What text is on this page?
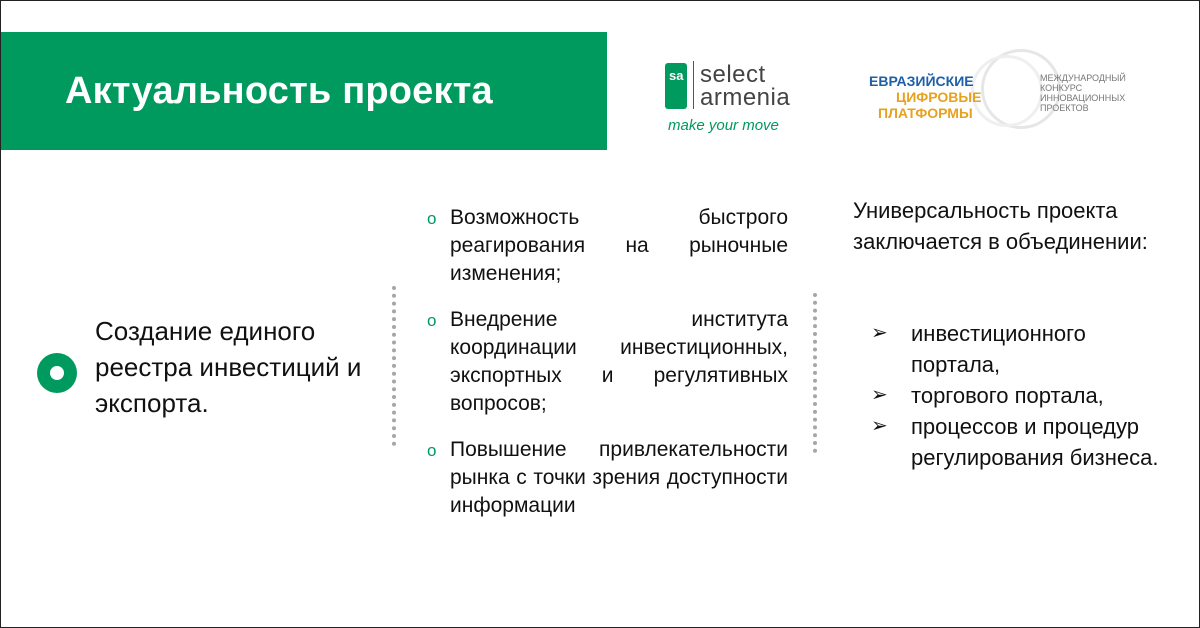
Актуальность проекта	sa select
armenia
make your move
ЕВРАЗИЙСКИЕ
ЦИФРОВЫЕ
ПЛАТФОРМЫ
МЕЖДУНАРОДНЫЙ
КОНКУРС
ИННОВАЦИОННЫХ
ПРОЕКТОВ
Создание единого реестра инвестиций и экспорта.
o Возможность быстрого реагирования на рыночные изменения;
o Внедрение института координации инвестиционных, экспортных и регулятивных вопросов;
o Повышение привлекательности рынка с точки зрения доступности информации
Универсальность проекта заключается в объединении:
➢ инвестиционного портала,
➢ торгового портала,
➢ процессов и процедур регулирования бизнеса.
